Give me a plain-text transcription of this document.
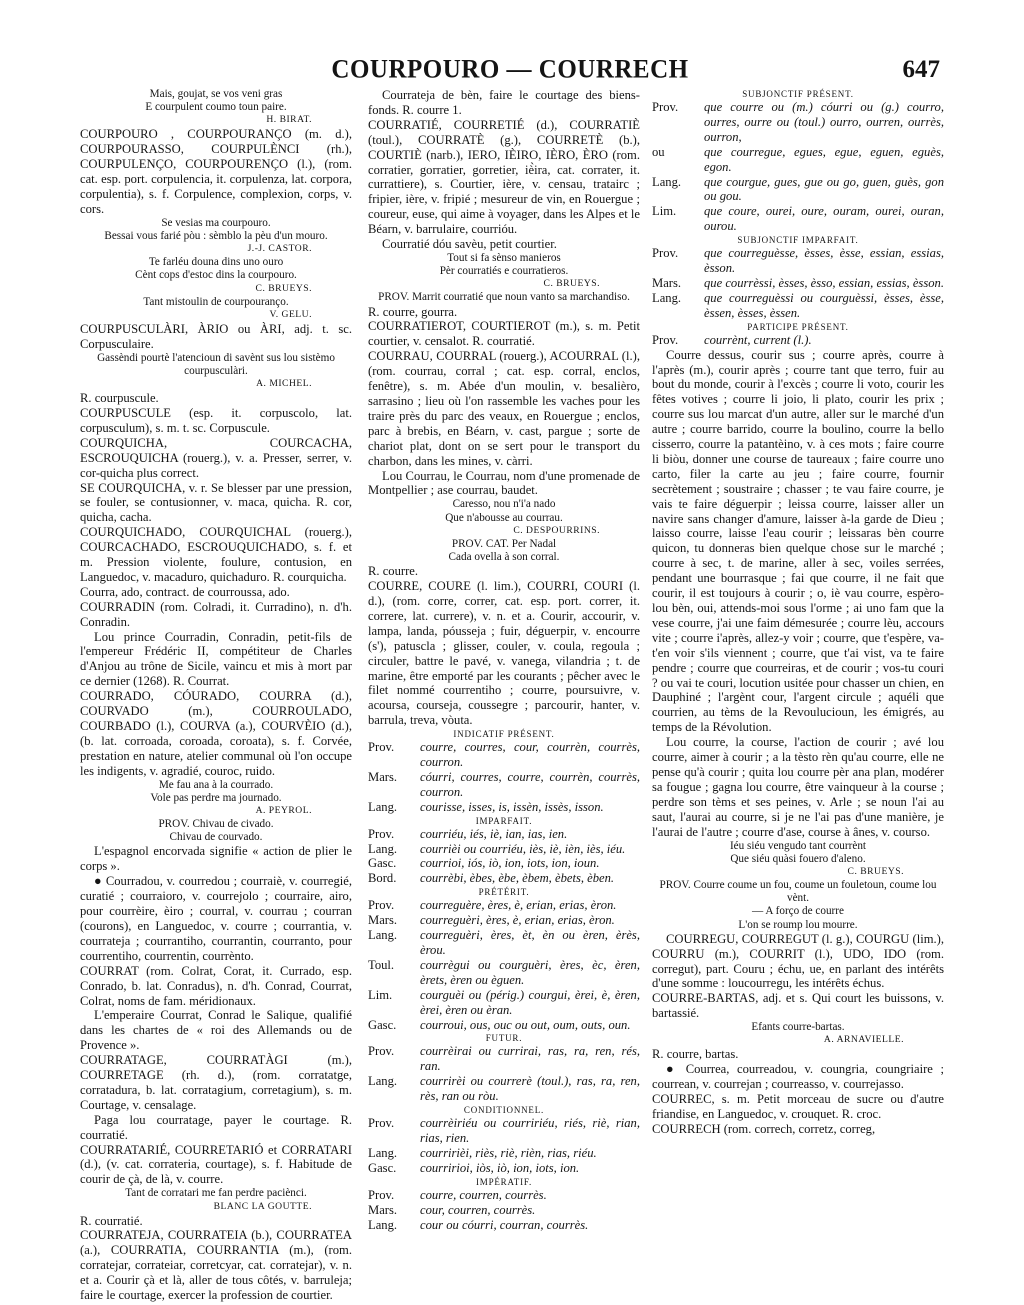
COURPOURO — COURRECH	647

Mais, goujat, se vos veni gras

E courpulent coumo toun paire.

H. BIRAT.

COURPOURO , COURPOURANÇO (m. d.), COURPOURASSO, COURPULÈNCI (rh.), COURPULENÇO, COURPOURENÇO (l.), (rom. cat. esp. port. corpulencia, it. corpulenza, lat. corpora, corpulentia), s. f. Corpulence, complexion, corps, v. cors.

Se vesias ma courpouro.

Bessai vous farié pòu : sèmblo la pèu d'un mouro.

J.-J. CASTOR.

Te farléu douna dins uno ouro

Cènt cops d'estoc dins la courpouro.

C. BRUEYS.

Tant mistoulin de courpouranço.

V. GELU.

COURPUSCULÀRI, ÀRIO ou ÀRI, adj. t. sc. Corpusculaire.

Gassèndi pourtè l'atencioun di savènt sus lou sistèmo courpusculàri.

A. MICHEL.

R. courpuscule.

COURPUSCULE (esp. it. corpuscolo, lat. corpusculum), s. m. t. sc. Corpuscule.

COURQUICHA, COURCACHA, ESCROUQUICHA (rouerg.), v. a. Presser, serrer, v. cor-quicha plus correct.

SE COURQUICHA, v. r. Se blesser par une pression, se fouler, se contusionner, v. maca, quicha. R. cor, quicha, cacha.

COURQUICHADO, COURQUICHAL (rouerg.), COURCACHADO, ESCROUQUICHADO, s. f. et m. Pression violente, foulure, contusion, en Languedoc, v. macaduro, quichaduro. R. courquicha.

Courra, ado, contract. de courroussa, ado.

COURRADIN (rom. Colradi, it. Curradino), n. d'h. Conradin.

Lou prince Courradin, Conradin, petit-fils de l'empereur Frédéric II, compétiteur de Charles d'Anjou au trône de Sicile, vaincu et mis à mort par ce dernier (1268). R. Courrat.

COURRADO, CÓURADO, COURRA (d.), COURVADO (m.), COURROULADO, COURBADO (l.), COURVA (a.), COURVÈIO (d.), (b. lat. corroada, coroada, coroata), s. f. Corvée, prestation en nature, atelier communal où l'on occupe les indigents, v. agradié, couroc, ruido.

Me fau ana à la courrado.

Vole pas perdre ma journado.

A. PEYROL.

PROV. Chivau de civado.

Chivau de courvado.

L'espagnol encorvada signifie « action de plier le corps ».

● Courradou, v. courredou ; courraiè, v. courregié, curatié ; courraioro, v. courrejolo ; courraire, airo, pour courrèire, èiro ; courral, v. courrau ; courran (courons), en Languedoc, v. courre ; courrantia, v. courrateja ; courrantiho, courrantin, courranto, pour courrentiho, courrentin, courrènto.

COURRAT (rom. Colrat, Corat, it. Currado, esp. Conrado, b. lat. Conradus), n. d'h. Conrad, Courrat, Colrat, noms de fam. méridionaux.

L'emperaire Courrat, Conrad le Salique, qualifié dans les chartes de « roi des Allemands ou de Provence ».

COURRATAGE, COURRATÀGI (m.), COURRETAGE (rh. d.), (rom. corratatge, corratadura, b. lat. corratagium, corretagium), s. m. Courtage, v. censalage.

Paga lou courratage, payer le courtage. R. courratié.

COURRATARIÉ, COURRETARIÓ et CORRATARI (d.), (v. cat. corrateria, courtage), s. f. Habitude de courir de çà, de là, v. courre.

Tant de corratari me fan perdre paciènci.

BLANC LA GOUTTE.

R. courratié.

COURRATEJA, COURRATEIA (b.), COURRATEA (a.), COURRATIA, COURRANTIA (m.), (rom. corratejar, corrateiar, corretcyar, cat. corratejar), v. n. et a. Courir çà et là, aller de tous côtés, v. barruleja; faire le courtage, exercer la profession de courtier.

Courrateja de bèn, faire le courtage des biens-fonds. R. courre 1.

COURRATIÉ, COURRETIÉ (d.), COURRATIÈ (toul.), COURRATÈ (g.), COURRETÈ (b.), COURTIÈ (narb.), IERO, IÈIRO, IÈRO, ÈRO (rom. corratier, gorratier, gorretier, iè̀ira, cat. corrater, it. currattiere), s. Courtier, ière, v. censau, tratairc ; fripier, ière, v. fripié ; mesureur de vin, en Rouergue ; coureur, euse, qui aime à voyager, dans les Alpes et le Béarn, v. barrulaire, courrióu.

Courratié dóu savèu, petit courtier.

Tout si fa sènso manieros

Pèr courratiés e courratieros.

C. BRUEYS.

PROV. Marrit courratié que noun vanto sa marchandiso.

R. courre, gourra.

COURRATIEROT, COURTIEROT (m.), s. m. Petit courtier, v. censalot. R. courratié.

COURRAU, COURRAL (rouerg.), ACOURRAL (l.), (rom. courrau, corral ; cat. esp. corral, enclos, fenêtre), s. m. Abée d'un moulin, v. besalièro, sarrasino ; lieu où l'on rassemble les vaches pour les traire près du parc des veaux, en Rouergue ; enclos, parc à brebis, en Béarn, v. cast, pargue ; sorte de chariot plat, dont on se sert pour le transport du charbon, dans les mines, v. càrri.

Lou Courrau, le Courrau, nom d'une promenade de Montpellier ; ase courrau, baudet.

Caresso, nou n'i'a nado

Que n'abousse au courrau.

C. DESPOURRINS.

PROV. CAT. Per Nadal

Cada ovella à son corral.

R. courre.

COURRE, COURE (l. lim.), COURRI, COURI (l. d.), (rom. corre, correr, cat. esp. port. correr, it. correre, lat. currere), v. n. et a. Courir, accourir, v. lampa, landa, póusseja ; fuir, déguerpir, v. encourre (s'), patuscla ; glisser, couler, v. coula, regoula ; circuler, battre le pavé, v. vanega, vilandria ; t. de marine, être emporté par les courants ; pêcher avec le filet nommé courrentiho ; courre, poursuivre, v. acoursa, courseja, coussegre ; parcourir, hanter, v. barrula, treva, vòuta.

INDICATIF PRÉSENT.

Prov.	courre, courres, cour, courrèn, courrès, courron.
Mars.	cóurri, courres, courre, courrèn, courrès, courron.
Lang.	courisse, isses, is, issèn, issès, isson.

IMPARFAIT.

Prov.	courriéu, iés, iè, ian, ias, ien.
Lang.	courrièi ou courriéu, iès, iè, ièn, iès, iéu.
Gasc.	courrioi, iós, iò, ion, iots, ion, ioun.
Bord.	courrèbi, èbes, èbe, èbem, èbets, èben.

PRÉTÉRIT.

Prov.	courreguère, ères, è, erian, erias, èron.
Mars.	courreguèri, ères, è, erian, erias, èron.
Lang.	courreguèri, ères, èt, èn ou èren, èrès, èrou.
Toul.	courrègui ou courguèri, ères, èc, èren, èrets, èren ou èguen.
Lim.	courguèi ou (périg.) courgui, èrei, è, èren, èrei, èren ou èran.
Gasc.	courroui, ous, ouc ou out, oum, outs, oun.

FUTUR.

Prov.	courrèirai ou currirai, ras, ra, ren, rés, ran.
Lang.	courrirèi ou courrerè (toul.), ras, ra, ren, rès, ran ou ròu.

CONDITIONNEL.

Prov.	courrèiriéu ou courririéu, riés, riè, rian, rias, rien.
Lang.	courririèi, riès, riè, rièn, rias, riéu.
Gasc.	courririoi, iòs, iò, ion, iots, ion.

IMPÉRATIF.

Prov.	courre, courren, courrès.
Mars.	cour, courren, courrès.
Lang.	cour ou cóurri, courran, courrès.

SUBJONCTIF PRÉSENT.

Prov.	que courre ou (m.) cóurri ou (g.) courro, ourres, ourre ou (toul.) ourro, ourren, ourrès, ourron,
ou	que courregue, egues, egue, eguen, eguès, egon.
Lang.	que courgue, gues, gue ou go, guen, guès, gon ou gou.
Lim.	que coure, ourei, oure, ouram, ourei, ouran, ourou.

SUBJONCTIF IMPARFAIT.

Prov.	que courreguèsse, èsses, èsse, essian, essias, èsson.
Mars.	que courrèssi, èsses, èsso, essian, essias, èsson.
Lang.	que courreguèssi ou courguèssi, èsses, èsse, èssen, èsses, èssen.

PARTICIPE PRÉSENT.

Prov.	courrènt, current (l.).

Courre dessus, courir sus ; courre après, courre à l'après (m.), courir après ; courre tant que terro, fuir au bout du monde, courir à l'excès ; courre li voto, courir les fêtes votives ; courre li joio, li plato, courir les prix ; courre sus lou marcat d'un autre, aller sur le marché d'un autre ; courre barrido, courre la boulino, courre la bello cisserro, courre la patantèino, v. à ces mots ; faire courre li biòu, donner une course de taureaux ; faire courre uno carto, filer la carte au jeu ; faire courre, fournir secrètement ; soustraire ; chasser ; te vau faire courre, je vais te faire déguerpir ; leissa courre, laisser aller un navire sans changer d'amure, laisser à-la garde de Dieu ; laisso courre, laisse l'eau courir ; leissaras bèn courre quicon, tu donneras bien quelque chose sur le marché ; courre à sec, t. de marine, aller à sec, voiles serrées, pendant une bourrasque ; fai que courre, il ne fait que courir, il est toujours à courir ; o, iè vau courre, espèro-lou bèn, oui, attends-moi sous l'orme ; ai uno fam que la vese courre, j'ai une faim démesurée ; courre lèu, accours vite ; courre i'après, allez-y voir ; courre, que t'espère, va-t'en voir s'ils viennent ; courre, que t'ai vist, va te faire pendre ; courre que courreiras, et de courir ; vos-tu couri ? ou vai te couri, locution usitée pour chasser un chien, en Dauphiné ; l'argènt cour, l'argent circule ; aquéli que courrien, au tèms de la Revoulucioun, les émigrés, au temps de la Révolution.

Lou courre, la course, l'action de courir ; avé lou courre, aimer à courir ; a la tèsto rèn qu'au courre, elle ne pense qu'à courir ; quita lou courre pèr ana plan, modérer sa fougue ; gagna lou courre, être vainqueur à la course ; perdre son tèms et ses peines, v. Arle ; se noun l'ai au saut, l'aurai au courre, si je ne l'ai pas d'une manière, je l'aurai de l'autre ; courre d'ase, course à ânes, v. courso.

Iéu siéu vengudo tant courrènt

Que siéu quàsi fouero d'aleno.

C. BRUEYS.

PROV. Courre coume un fou, coume un fouletoun, coume lou vènt.

— A forço de courre

L'on se roump lou mourre.

COURREGU, COURREGUT (l. g.), COURGU (lim.), COURRU (m.), COURRIT (l.), UDO, IDO (rom. corregut), part. Couru ; échu, ue, en parlant des intérêts d'une somme : loucourregu, les intérêts échus.

COURRE-BARTAS, adj. et s. Qui court les buissons, v. bartassié.

Efants courre-bartas.

A. ARNAVIELLE.

R. courre, bartas.

● Courrea, courreadou, v. coungria, coungriaire ; courrean, v. courrejan ; courreasso, v. courrejasso.

COURREC, s. m. Petit morceau de sucre ou d'autre friandise, en Languedoc, v. crouquet. R. croc.

COURRECH (rom. correch, corretz, correg,
